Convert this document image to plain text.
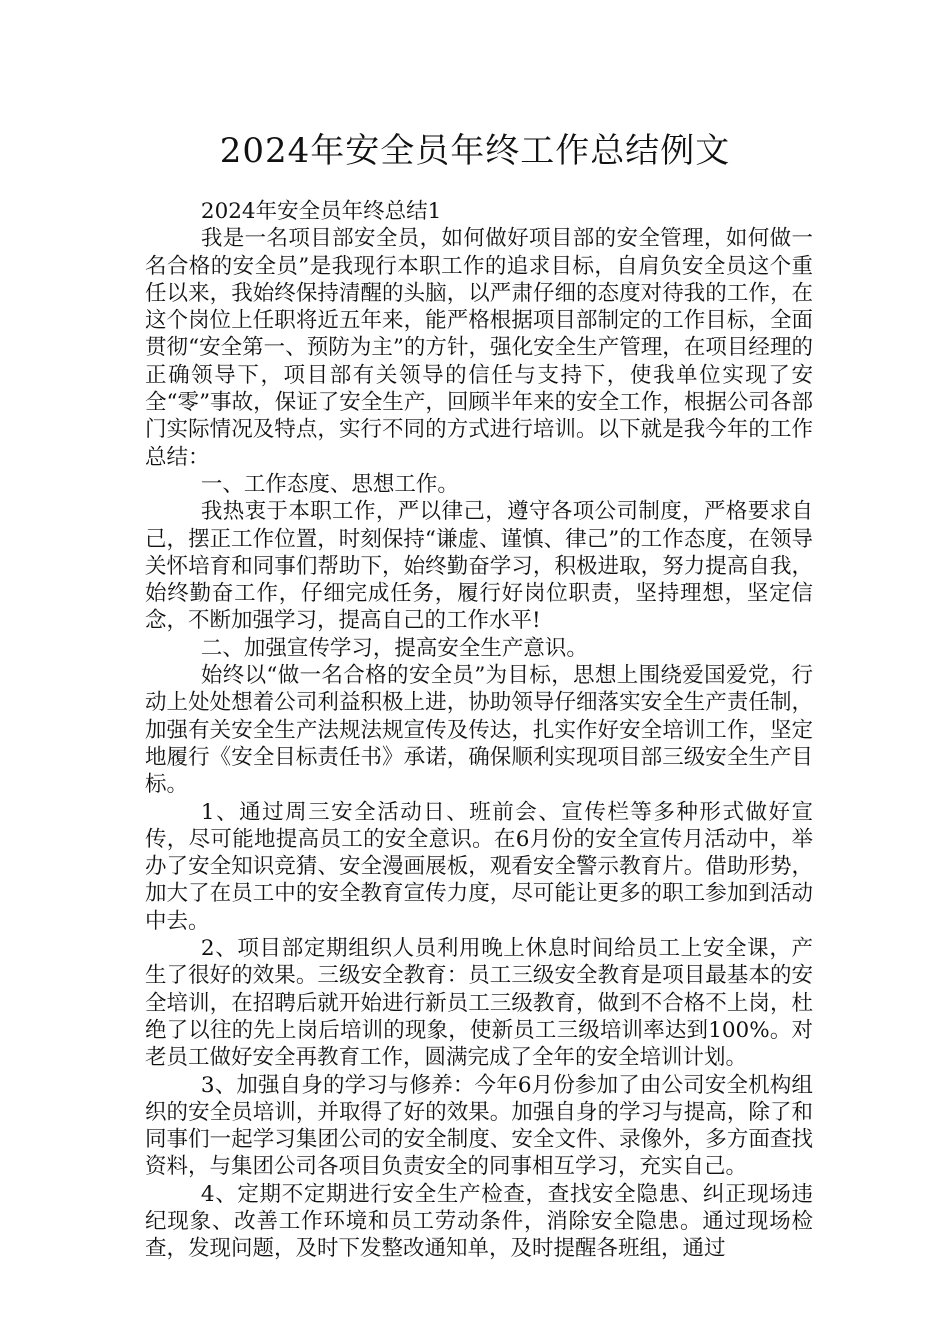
2024年安全员年终工作总结例文

2024年安全员年终总结1

我是一名项目部安全员，如何做好项目部的安全管理，如何做一名合格的安全员”是我现行本职工作的追求目标，自肩负安全员这个重任以来，我始终保持清醒的头脑，以严肃仔细的态度对待我的工作，在这个岗位上任职将近五年来，能严格根据项目部制定的工作目标，全面贯彻“安全第一、预防为主”的方针，强化安全生产管理，在项目经理的正确领导下，项目部有关领导的信任与支持下，使我单位实现了安全“零”事故，保证了安全生产，回顾半年来的安全工作，根据公司各部门实际情况及特点，实行不同的方式进行培训。以下就是我今年的工作总结：

一、工作态度、思想工作。

我热衷于本职工作，严以律己，遵守各项公司制度，严格要求自己，摆正工作位置，时刻保持“谦虚、谨慎、律己”的工作态度，在领导关怀培育和同事们帮助下，始终勤奋学习，积极进取，努力提高自我，始终勤奋工作，仔细完成任务，履行好岗位职责，坚持理想，坚定信念，不断加强学习，提高自己的工作水平!

二、加强宣传学习，提高安全生产意识。

始终以“做一名合格的安全员”为目标，思想上围绕爱国爱党，行动上处处想着公司利益积极上进，协助领导仔细落实安全生产责任制，加强有关安全生产法规法规宣传及传达，扎实作好安全培训工作，坚定地履行《安全目标责任书》承诺，确保顺利实现项目部三级安全生产目标。

1、通过周三安全活动日、班前会、宣传栏等多种形式做好宣传，尽可能地提高员工的安全意识。在6月份的安全宣传月活动中，举办了安全知识竞猜、安全漫画展板，观看安全警示教育片。借助形势，加大了在员工中的安全教育宣传力度，尽可能让更多的职工参加到活动中去。

2、项目部定期组织人员利用晚上休息时间给员工上安全课，产生了很好的效果。三级安全教育：员工三级安全教育是项目最基本的安全培训，在招聘后就开始进行新员工三级教育，做到不合格不上岗，杜绝了以往的先上岗后培训的现象，使新员工三级培训率达到100%。对老员工做好安全再教育工作，圆满完成了全年的安全培训计划。

3、加强自身的学习与修养：今年6月份参加了由公司安全机构组织的安全员培训，并取得了好的效果。加强自身的学习与提高，除了和同事们一起学习集团公司的安全制度、安全文件、录像外，多方面查找资料，与集团公司各项目负责安全的同事相互学习，充实自己。

4、定期不定期进行安全生产检查，查找安全隐患、纠正现场违纪现象、改善工作环境和员工劳动条件，消除安全隐患。通过现场检查，发现问题，及时下发整改通知单，及时提醒各班组，通过
